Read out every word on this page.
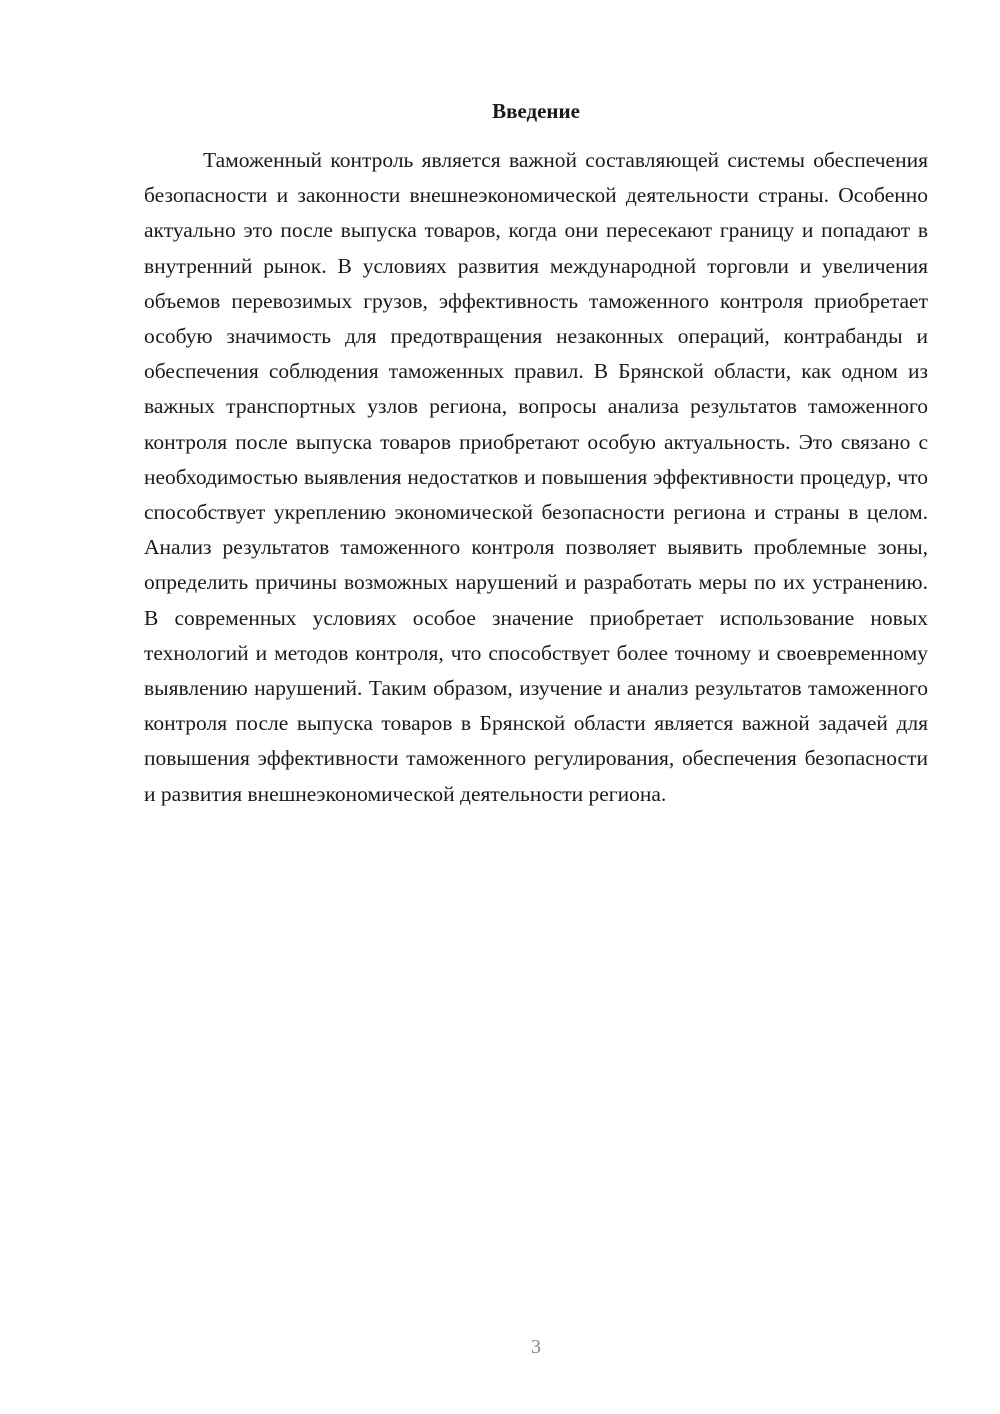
Введение

Таможенный контроль является важной составляющей системы обеспечения безопасности и законности внешнеэкономической деятельности страны. Особенно актуально это после выпуска товаров, когда они пересекают границу и попадают в внутренний рынок. В условиях развития международной торговли и увеличения объемов перевозимых грузов, эффективность таможенного контроля приобретает особую значимость для предотвращения незаконных операций, контрабанды и обеспечения соблюдения таможенных правил. В Брянской области, как одном из важных транспортных узлов региона, вопросы анализа результатов таможенного контроля после выпуска товаров приобретают особую актуальность. Это связано с необходимостью выявления недостатков и повышения эффективности процедур, что способствует укреплению экономической безопасности региона и страны в целом. Анализ результатов таможенного контроля позволяет выявить проблемные зоны, определить причины возможных нарушений и разработать меры по их устранению. В современных условиях особое значение приобретает использование новых технологий и методов контроля, что способствует более точному и своевременному выявлению нарушений. Таким образом, изучение и анализ результатов таможенного контроля после выпуска товаров в Брянской области является важной задачей для повышения эффективности таможенного регулирования, обеспечения безопасности и развития внешнеэкономической деятельности региона.

3
